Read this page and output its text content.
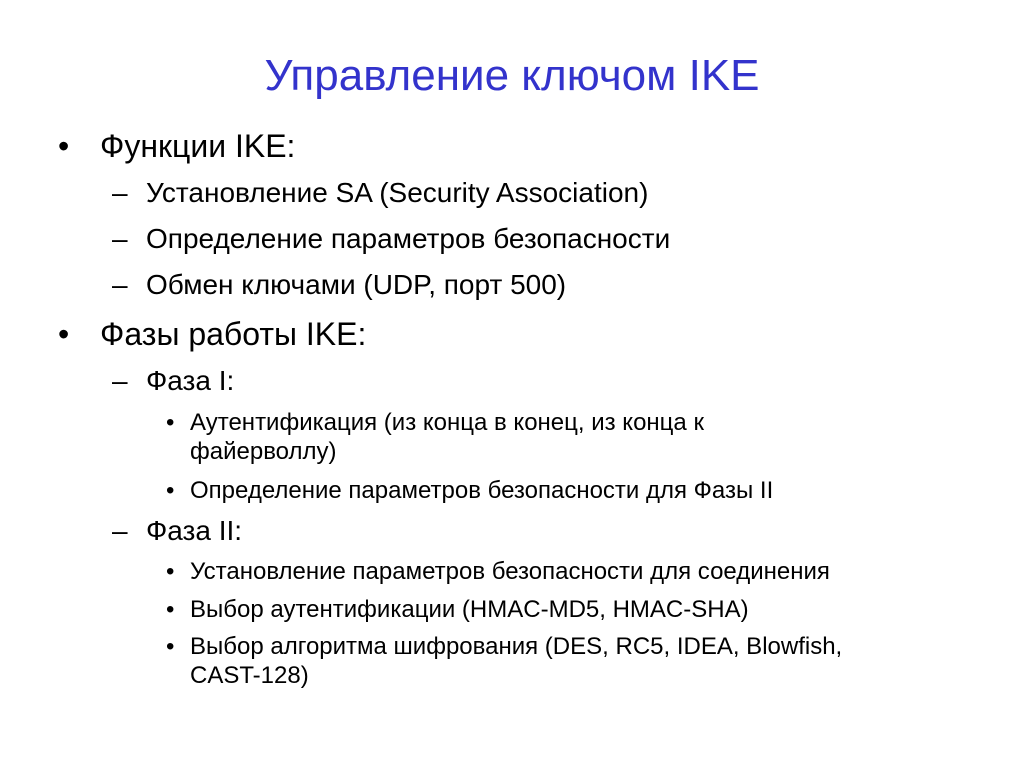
Управление ключом IKE
• Функции IKE:
– Установление SA (Security Association)
– Определение параметров безопасности
– Обмен ключами (UDP, порт 500)
• Фазы работы IKE:
– Фаза I:
• Аутентификация (из конца в конец, из конца к
файерволлу)
• Определение параметров безопасности для Фазы II
– Фаза II:
• Установление параметров безопасности для соединения
• Выбор аутентификации (HMAC-MD5, HMAC-SHA)
• Выбор алгоритма шифрования (DES, RC5, IDEA, Blowfish,
CAST-128)
